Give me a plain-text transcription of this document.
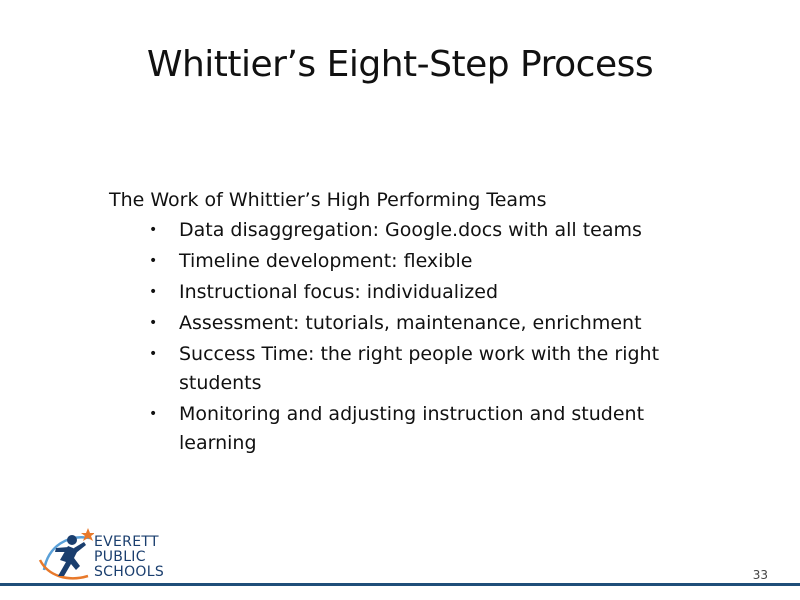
Whittier’s Eight-Step Process

The Work of Whittier’s High Performing Teams

• Data disaggregation: Google.docs with all teams
• Timeline development: flexible
• Instructional focus: individualized
• Assessment: tutorials, maintenance, enrichment
• Success Time: the right people work with the right students
• Monitoring and adjusting instruction and student learning
EVERETT
PUBLIC
SCHOOLS	33
